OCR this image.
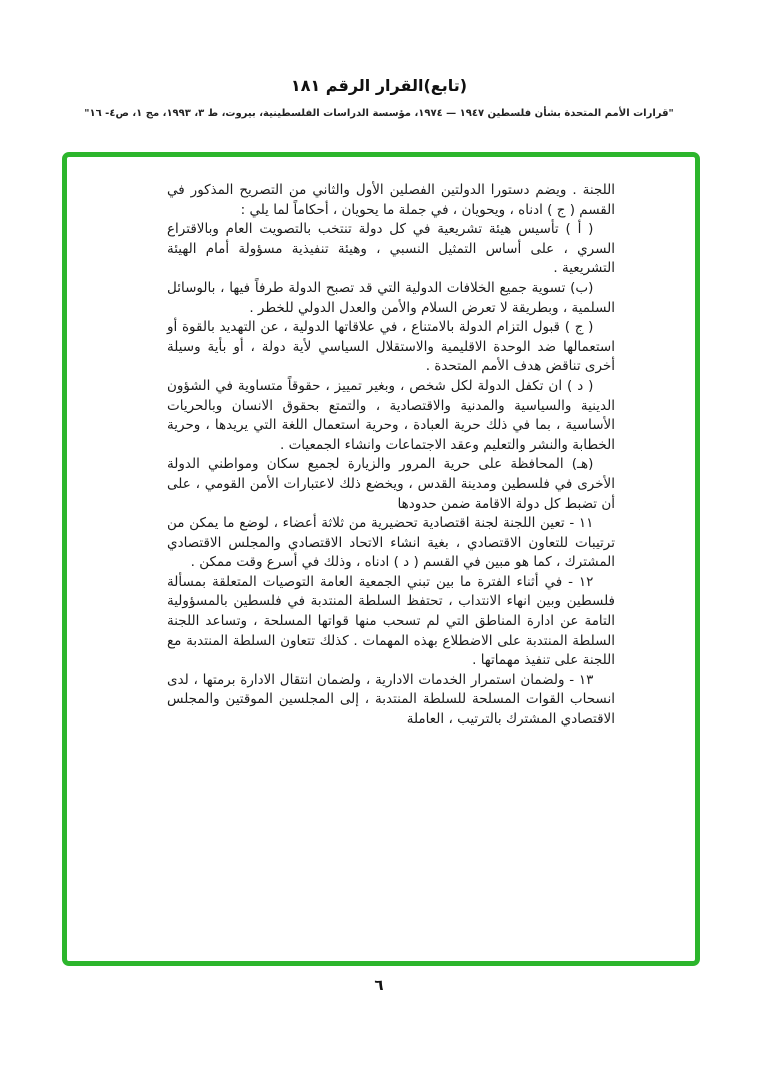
(تابع)القرار الرقم ١٨١
"قرارات الأمم المتحدة بشأن فلسطين ١٩٤٧ — ١٩٧٤، مؤسسة الدراسات الفلسطينية، بيروت، ط ٣، ١٩٩٣، مج ١، ص٤- ١٦"

اللجنة . ويضم دستورا الدولتين الفصلين الأول والثاني من التصريح المذكور في القسم ( ج ) ادناه ، ويحويان ، في جملة ما يحويان ، أحكاماً لما يلي :

( أ ) تأسيس هيئة تشريعية في كل دولة تنتخب بالتصويت العام وبالاقتراع السري ، على أساس التمثيل النسبي ، وهيئة تنفيذية مسؤولة أمام الهيئة التشريعية .

(ب) تسوية جميع الخلافات الدولية التي قد تصبح الدولة طرفاً فيها ، بالوسائل السلمية ، وبطريقة لا تعرض السلام والأمن والعدل الدولي للخطر .

( ج ) قبول التزام الدولة بالامتناع ، في علاقاتها الدولية ، عن التهديد بالقوة أو استعمالها ضد الوحدة الاقليمية والاستقلال السياسي لأية دولة ، أو بأية وسيلة أخرى تناقض هدف الأمم المتحدة .

( د ) ان تكفل الدولة لكل شخص ، وبغير تمييز ، حقوقاً متساوية في الشؤون الدينية والسياسية والمدنية والاقتصادية ، والتمتع بحقوق الانسان وبالحريات الأساسية ، بما في ذلك حرية العبادة ، وحرية استعمال اللغة التي يريدها ، وحرية الخطابة والنشر والتعليم وعقد الاجتماعات وانشاء الجمعيات .

(هـ) المحافظة على حرية المرور والزيارة لجميع سكان ومواطني الدولة الأخرى في فلسطين ومدينة القدس ، ويخضع ذلك لاعتبارات الأمن القومي ، على أن تضبط كل دولة الاقامة ضمن حدودها

١١ - تعين اللجنة لجنة اقتصادية تحضيرية من ثلاثة أعضاء ، لوضع ما يمكن من ترتيبات للتعاون الاقتصادي ، بغية انشاء الاتحاد الاقتصادي والمجلس الاقتصادي المشترك ، كما هو مبين في القسم ( د ) ادناه ، وذلك في أسرع وقت ممكن .

١٢ - في أثناء الفترة ما بين تبني الجمعية العامة التوصيات المتعلقة بمسألة فلسطين وبين انهاء الانتداب ، تحتفظ السلطة المنتدبة في فلسطين بالمسؤولية التامة عن ادارة المناطق التي لم تسحب منها قواتها المسلحة ، وتساعد اللجنة السلطة المنتدبة على الاضطلاع بهذه المهمات . كذلك تتعاون السلطة المنتدبة مع اللجنة على تنفيذ مهماتها .

١٣ - ولضمان استمرار الخدمات الادارية ، ولضمان انتقال الادارة برمتها ، لدى انسحاب القوات المسلحة للسلطة المنتدبة ، إلى المجلسين الموقتين والمجلس الاقتصادي المشترك بالترتيب ، العاملة

٦
